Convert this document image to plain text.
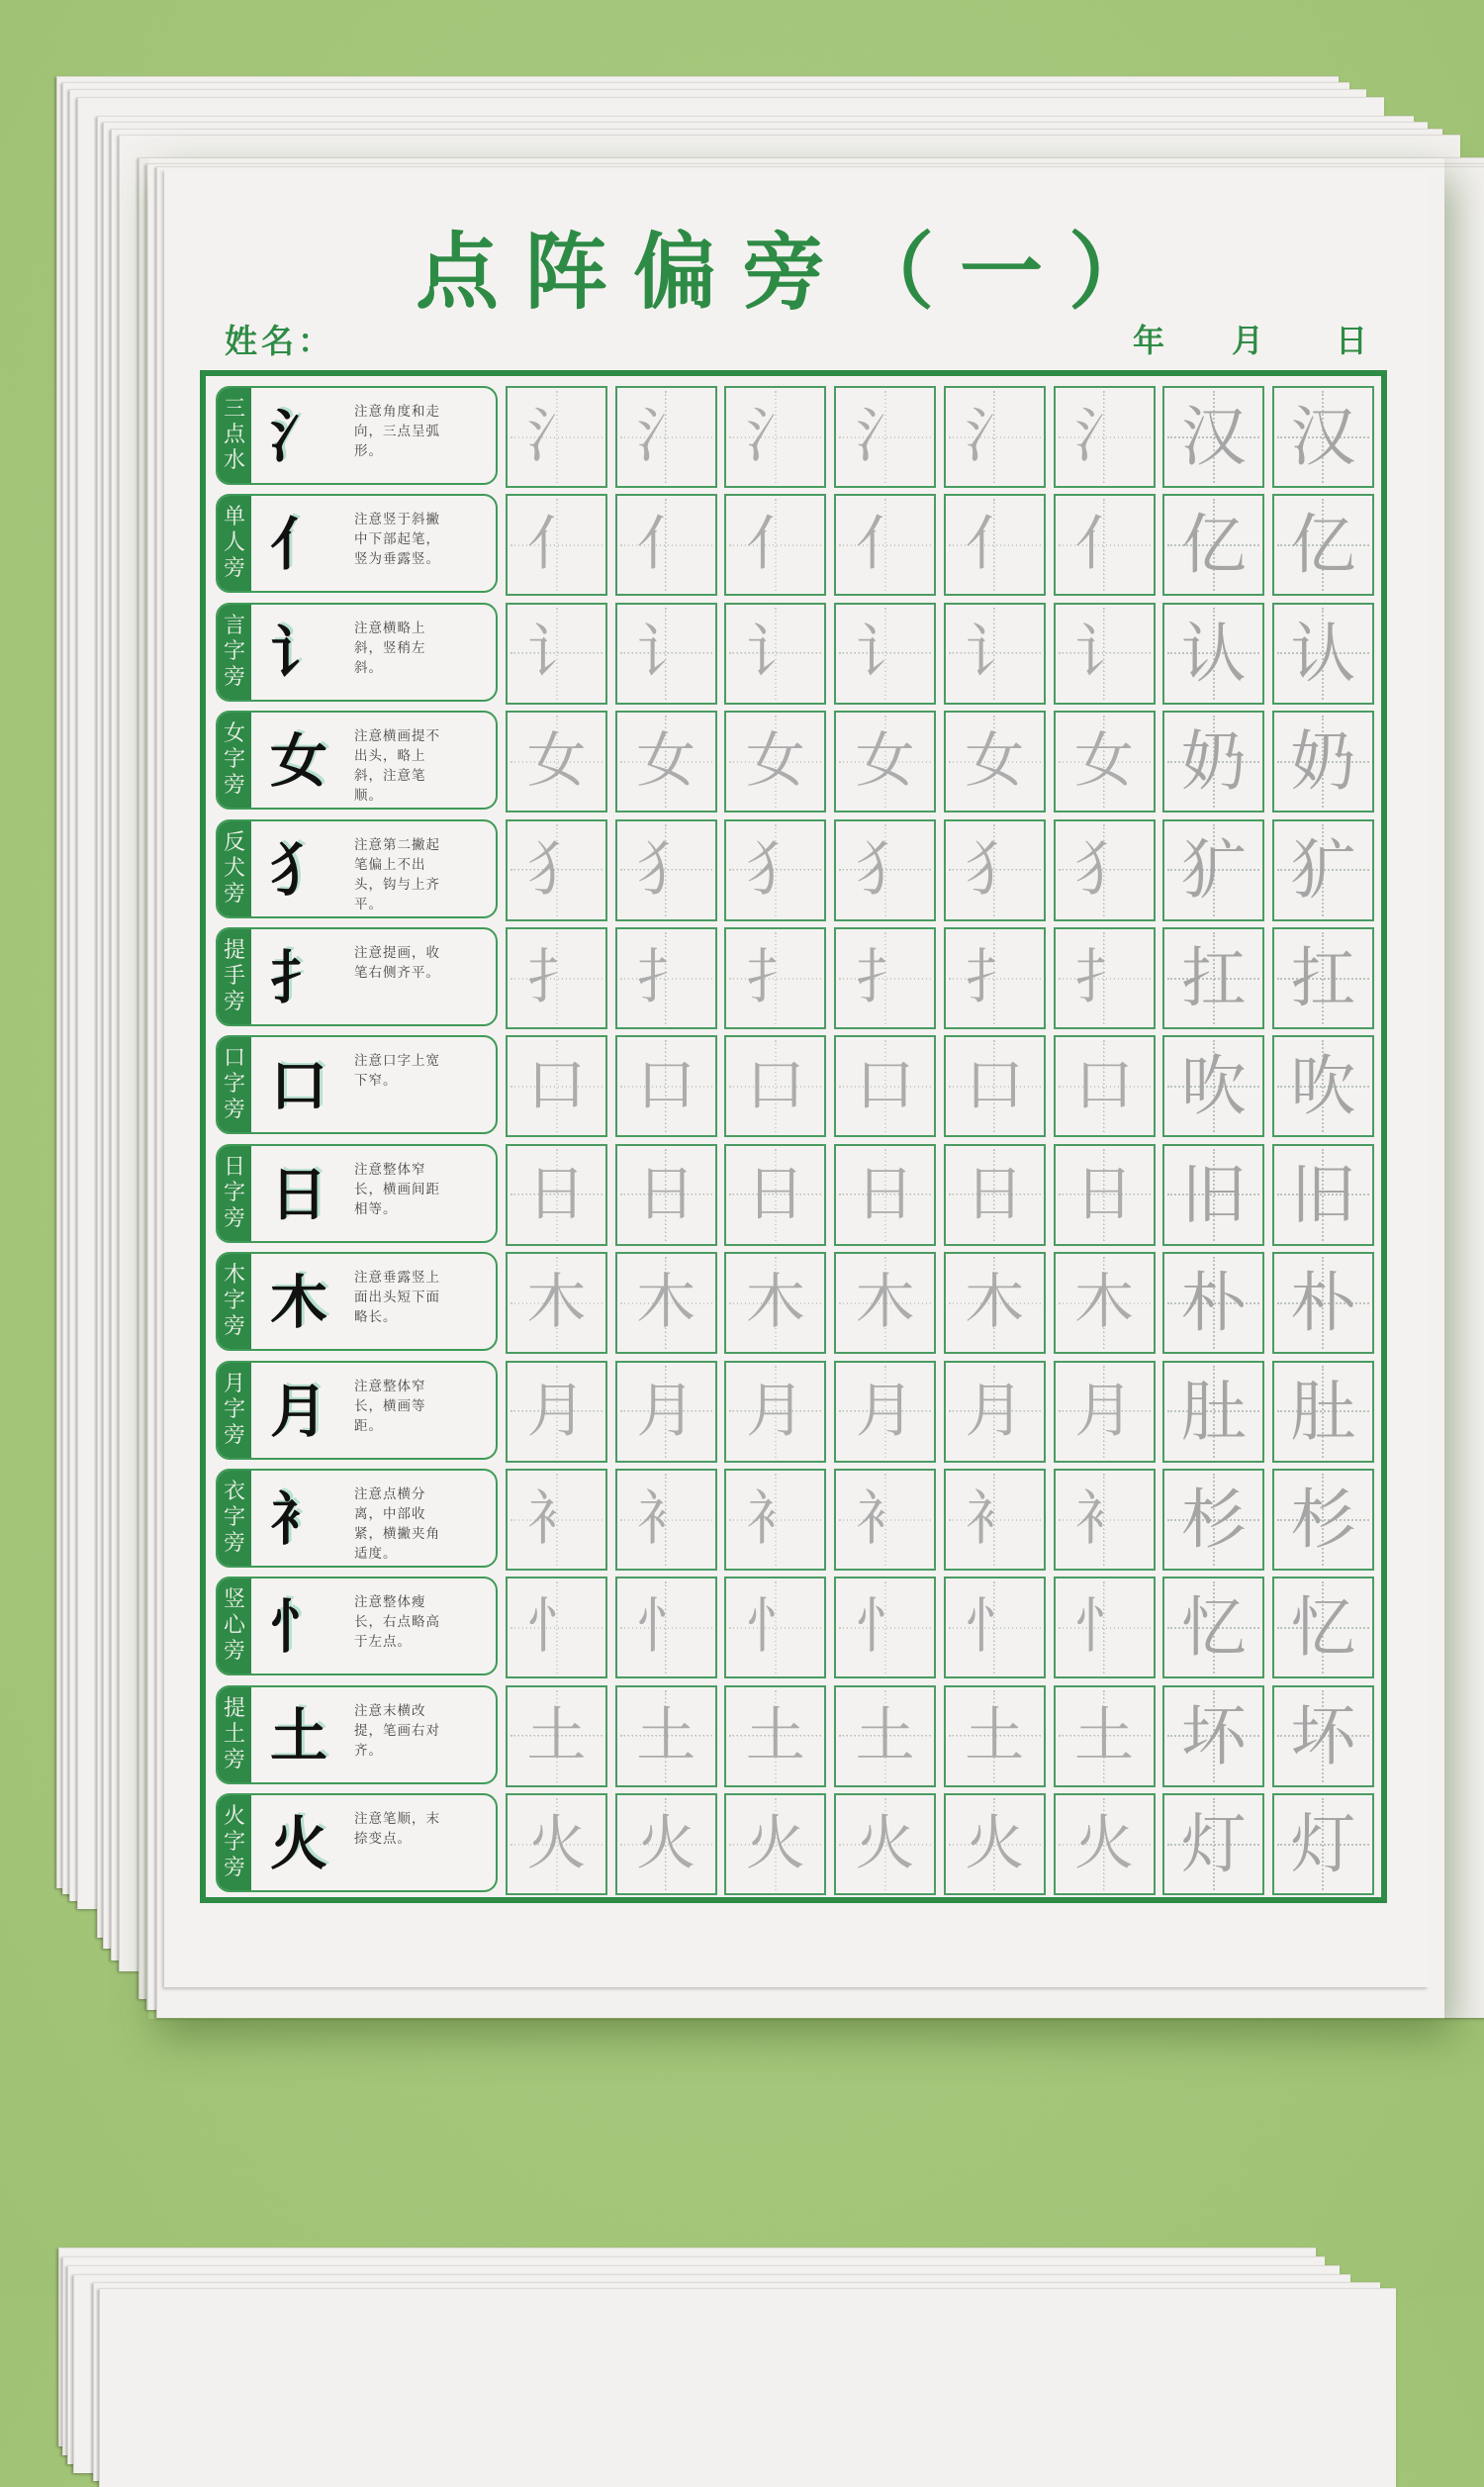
点阵偏旁（一）
姓名：	年 月 日
三
点
水 氵 注意角度和走向，三点呈弧形。	氵 氵 氵 氵 氵 氵 汉 汉
单
人
旁 亻 注意竖于斜撇中下部起笔，竖为垂露竖。	亻 亻 亻 亻 亻 亻 亿 亿
言
字
旁 讠 注意横略上斜，竖稍左斜。	讠 讠 讠 讠 讠 讠 认 认
女
字
旁 女 注意横画提不出头，略上斜，注意笔顺。	女 女 女 女 女 女 奶 奶
反
犬
旁 犭 注意第二撇起笔偏上不出头，钩与上齐平。	犭 犭 犭 犭 犭 犭 犷 犷
提
手
旁 扌 注意提画，收笔右侧齐平。	扌 扌 扌 扌 扌 扌 扛 扛
口
字
旁 口 注意口字上宽下窄。	口 口 口 口 口 口 吹 吹
日
字
旁 日 注意整体窄长，横画间距相等。	日 日 日 日 日 日 旧 旧
木
字
旁 木 注意垂露竖上面出头短下面略长。	木 木 木 木 木 木 朴 朴
月
字
旁 月 注意整体窄长，横画等距。	月 月 月 月 月 月 肚 肚
衣
字
旁 衤 注意点横分离，中部收紧，横撇夹角适度。	衤 衤 衤 衤 衤 衤 杉 杉
竖
心
旁 忄 注意整体瘦长，右点略高于左点。	忄 忄 忄 忄 忄 忄 忆 忆
提
土
旁 土 注意末横改提，笔画右对齐。	土 土 土 土 土 土 坏 坏
火
字
旁 火 注意笔顺，末捺变点。	火 火 火 火 火 火 灯 灯
